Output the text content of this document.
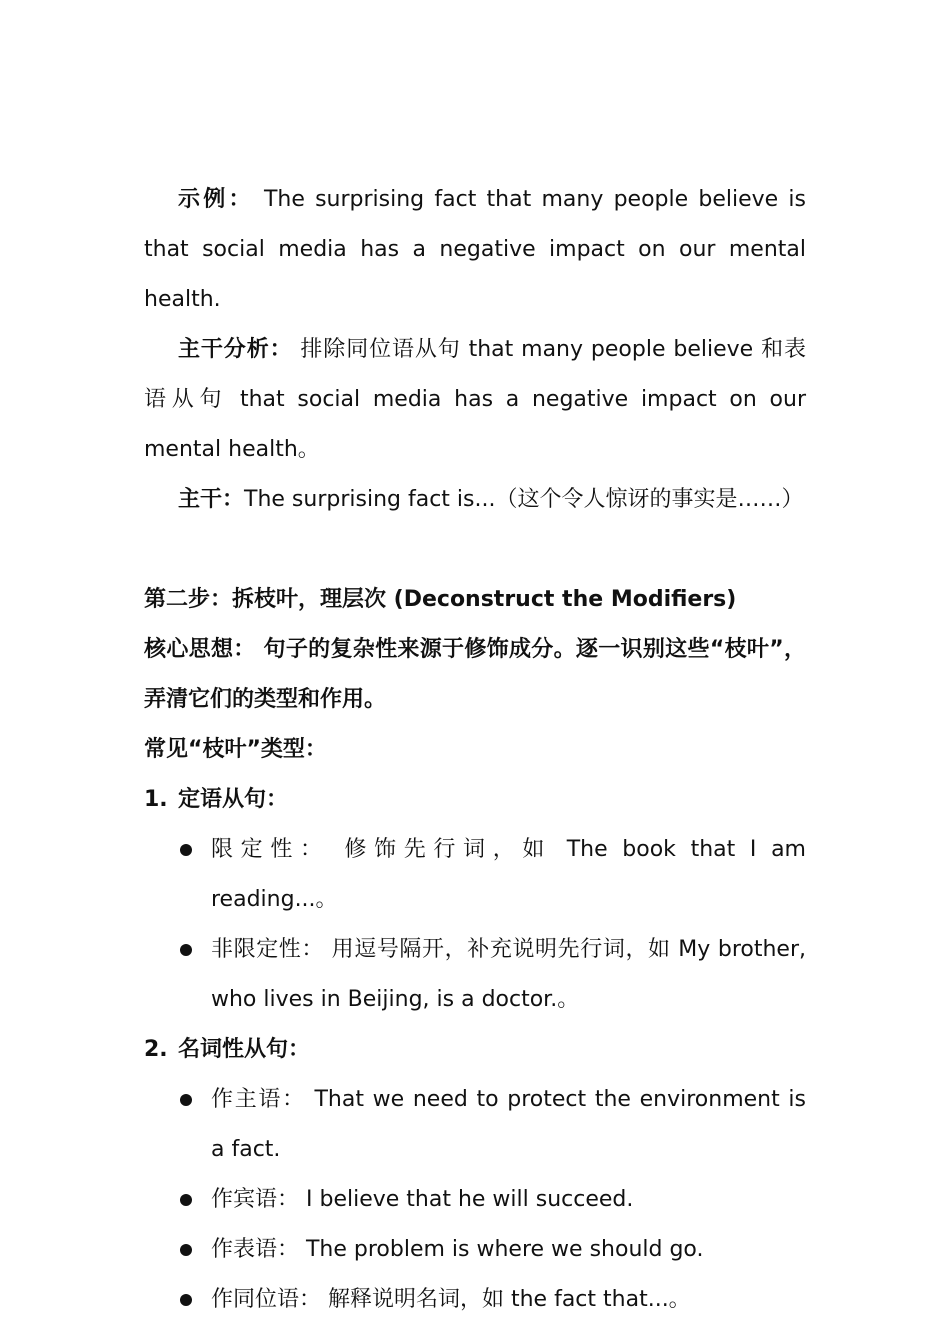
示例： The surprising fact that many people believe is that social media has a negative impact on our mental health.

主干分析： 排除同位语从句 that many people believe 和表语从句 that social media has a negative impact on our mental health。

主干：The surprising fact is...（这个令人惊讶的事实是……）

第二步：拆枝叶，理层次 (Deconstruct the Modifiers)

核心思想： 句子的复杂性来源于修饰成分。逐一识别这些“枝叶”，弄清它们的类型和作用。

常见“枝叶”类型：

1. 定语从句：

限定性： 修饰先行词，如 The book that I am reading...。
非限定性： 用逗号隔开，补充说明先行词，如 My brother, who lives in Beijing, is a doctor.。

2. 名词性从句：

作主语： That we need to protect the environment is a fact.
作宾语： I believe that he will succeed.
作表语： The problem is where we should go.
作同位语： 解释说明名词，如 the fact that...。
